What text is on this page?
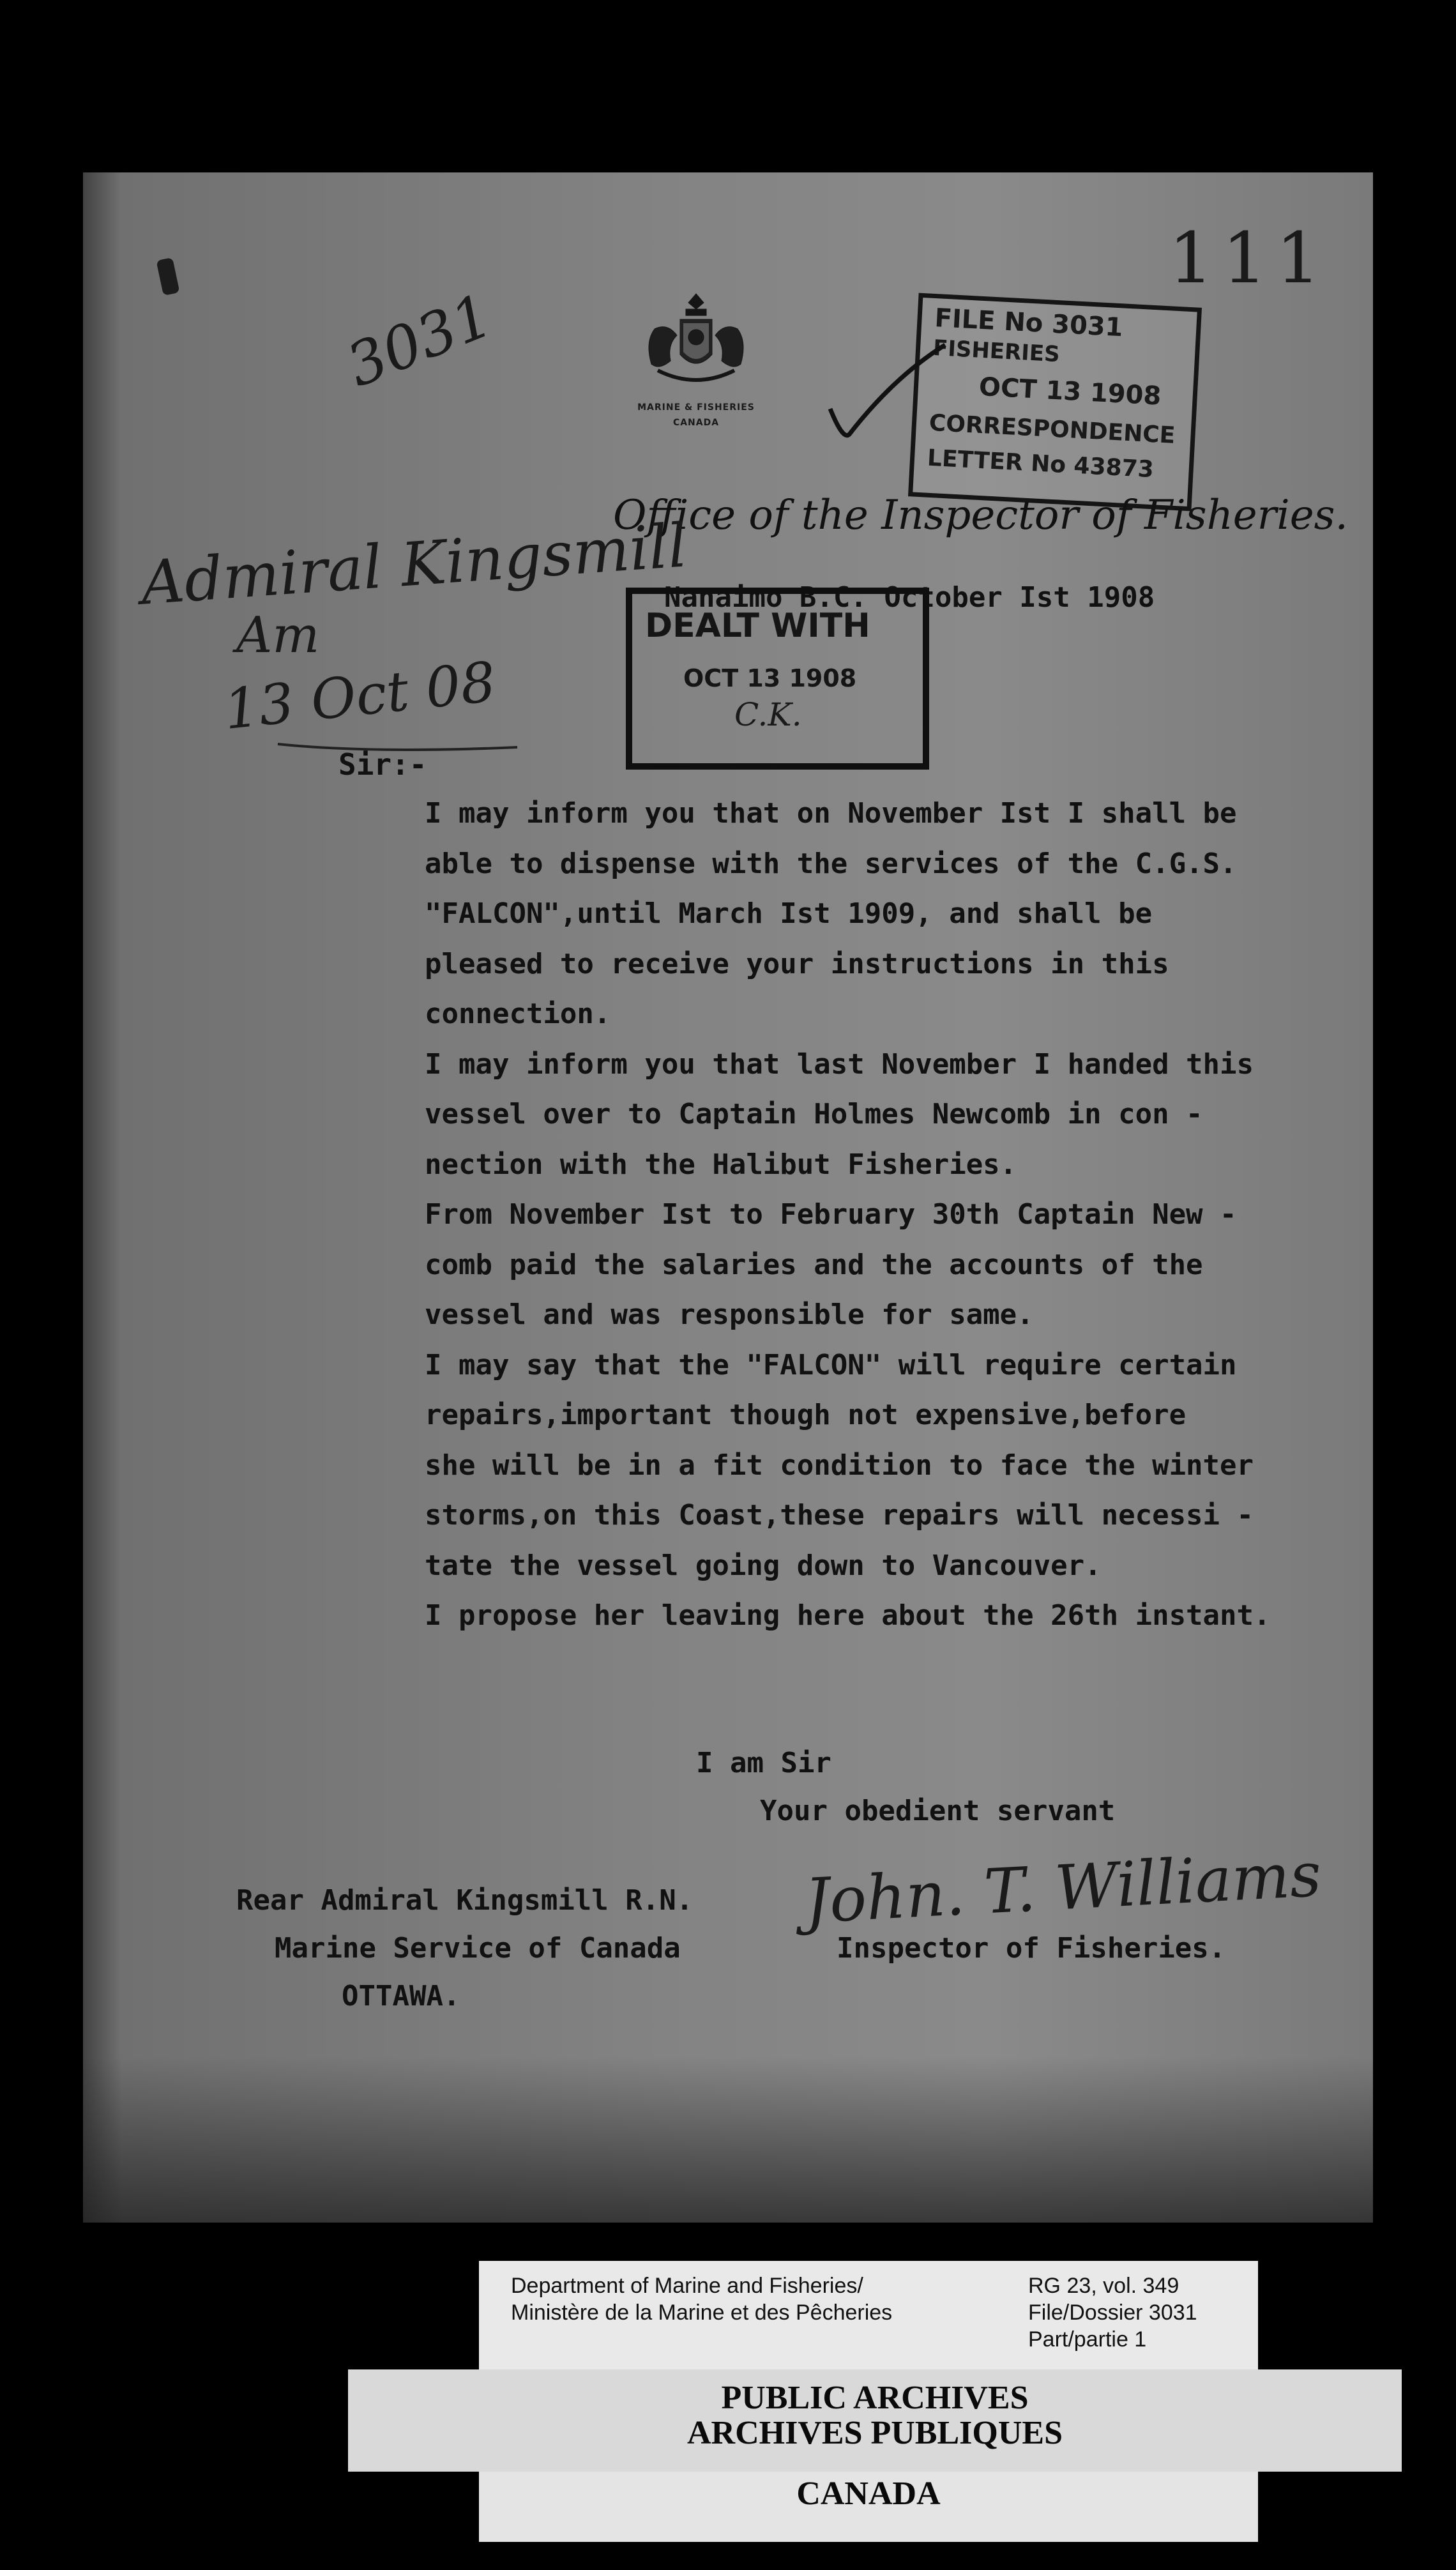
111
3031
MARINE & FISHERIES
CANADA
FILE No 3031
FISHERIES
OCT 13 1908
CORRESPONDENCE
LETTER No 43873
Office of the Inspector of Fisheries.
Nanaimo B.C. October Ist 1908
DEALT WITH
OCT 13 1908
C.K.
Admiral Kingsmill
Am
13 Oct 08
Sir:-
I may inform you that on November Ist I shall be
able to dispense with the services of the C.G.S.
"FALCON",until March Ist 1909, and shall be
pleased to receive your instructions in this
connection.
I may inform you that last November I handed this
vessel over to Captain Holmes Newcomb in con -
nection with the Halibut Fisheries.
From November Ist to February 30th Captain New -
comb paid the salaries and the accounts of the
vessel and was responsible for same.
I may say that the "FALCON" will require certain
repairs,important though not expensive,before
she will be in a fit condition to face the winter
storms,on this Coast,these repairs will necessi -
tate the vessel going down to Vancouver.
I propose her leaving here about the 26th instant.
I am Sir
Your obedient servant
John. T. Williams
Inspector of Fisheries.
Rear Admiral Kingsmill R.N.
Marine Service of Canada
OTTAWA.
Department of Marine and Fisheries/
Ministère de la Marine et des Pêcheries
RG 23, vol. 349
File/Dossier 3031
Part/partie 1
PUBLIC ARCHIVES
ARCHIVES PUBLIQUES
CANADA
